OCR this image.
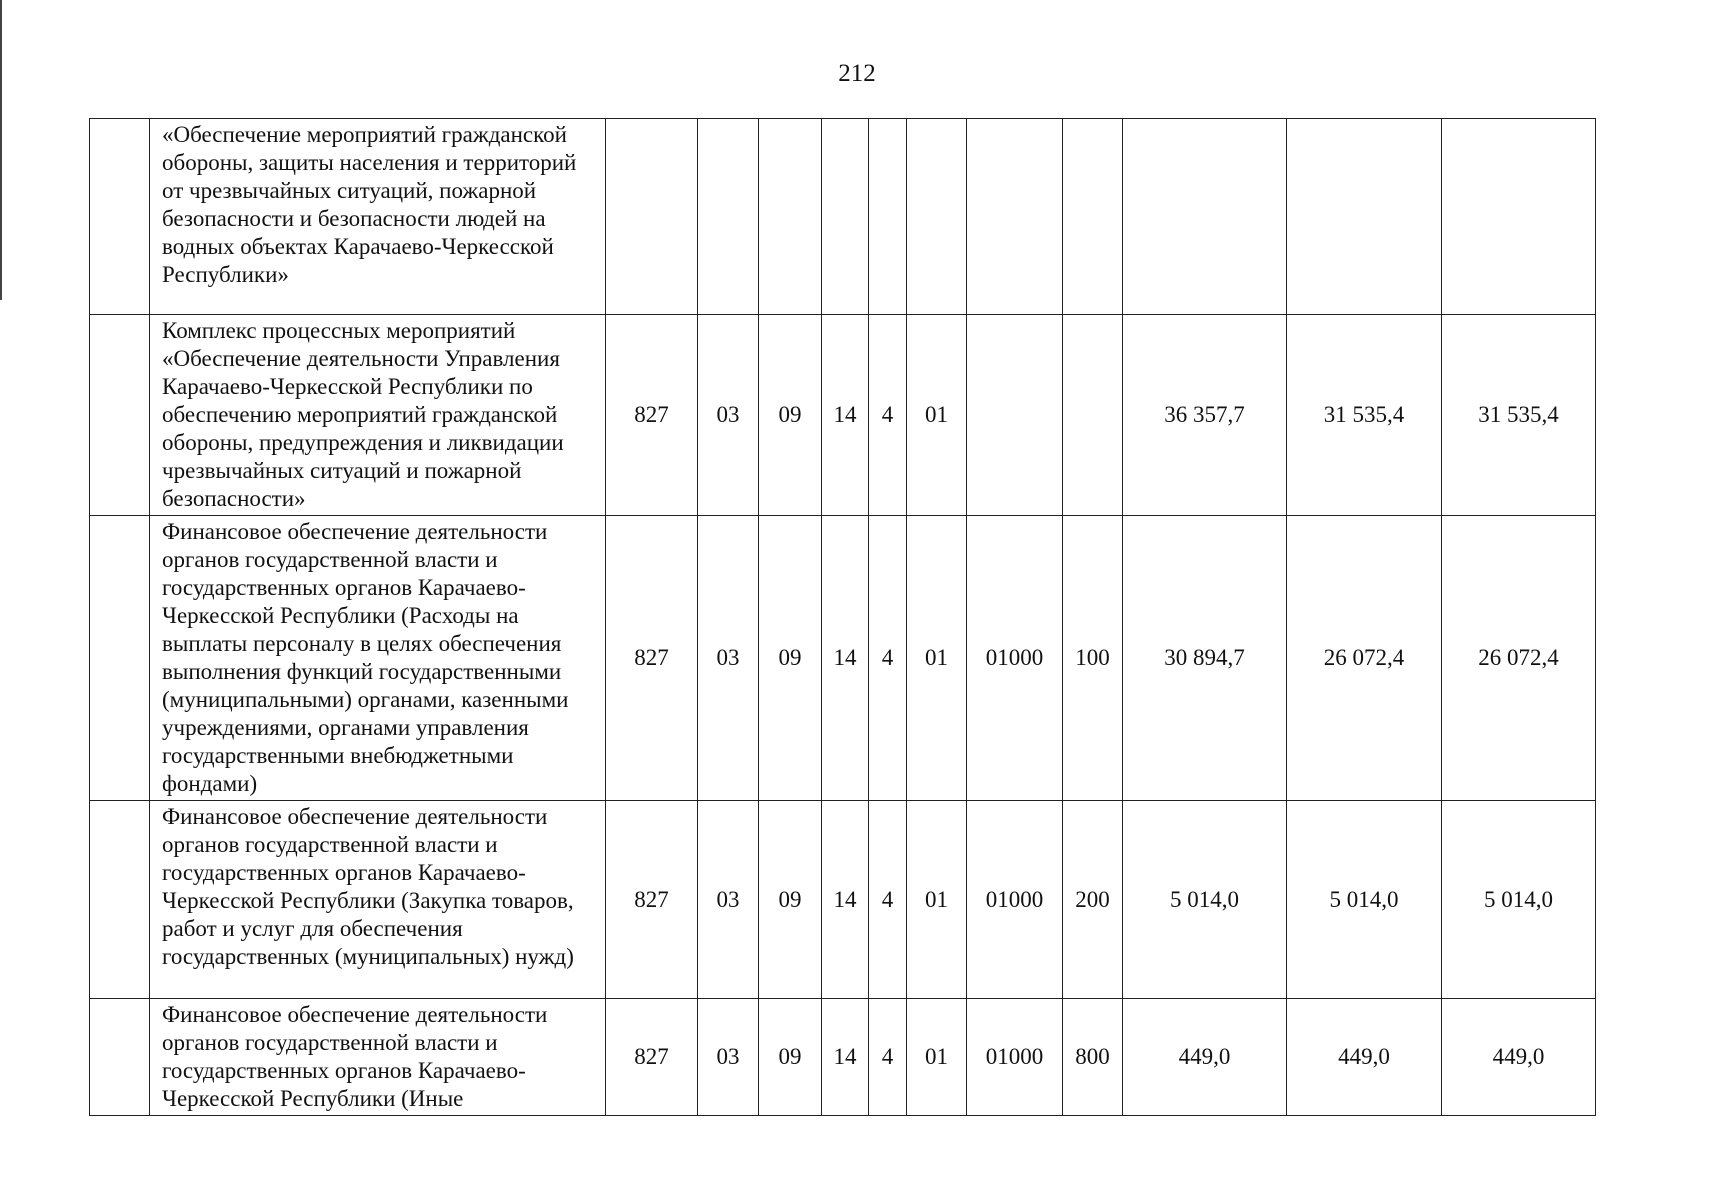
212
	«Обеспечение мероприятий гражданской обороны, защиты населения и территорий от чрезвычайных ситуаций, пожарной безопасности и безопасности людей на водных объектах Карачаево-Черкесской Республики»											
	Комплекс процессных мероприятий «Обеспечение деятельности Управления Карачаево-Черкесской Республики по обеспечению мероприятий гражданской обороны, предупреждения и ликвидации чрезвычайных ситуаций и пожарной безопасности»	827	03	09	14	4	01			36 357,7	31 535,4	31 535,4
	Финансовое обеспечение деятельности органов государственной власти и государственных органов Карачаево-Черкесской Республики (Расходы на выплаты персоналу в целях обеспечения выполнения функций государственными (муниципальными) органами, казенными учреждениями, органами управления государственными внебюджетными фондами)	827	03	09	14	4	01	01000	100	30 894,7	26 072,4	26 072,4
	Финансовое обеспечение деятельности органов государственной власти и государственных органов Карачаево-Черкесской Республики (Закупка товаров, работ и услуг для обеспечения государственных (муниципальных) нужд)	827	03	09	14	4	01	01000	200	5 014,0	5 014,0	5 014,0
	Финансовое обеспечение деятельности органов государственной власти и государственных органов Карачаево-Черкесской Республики (Иные	827	03	09	14	4	01	01000	800	449,0	449,0	449,0
